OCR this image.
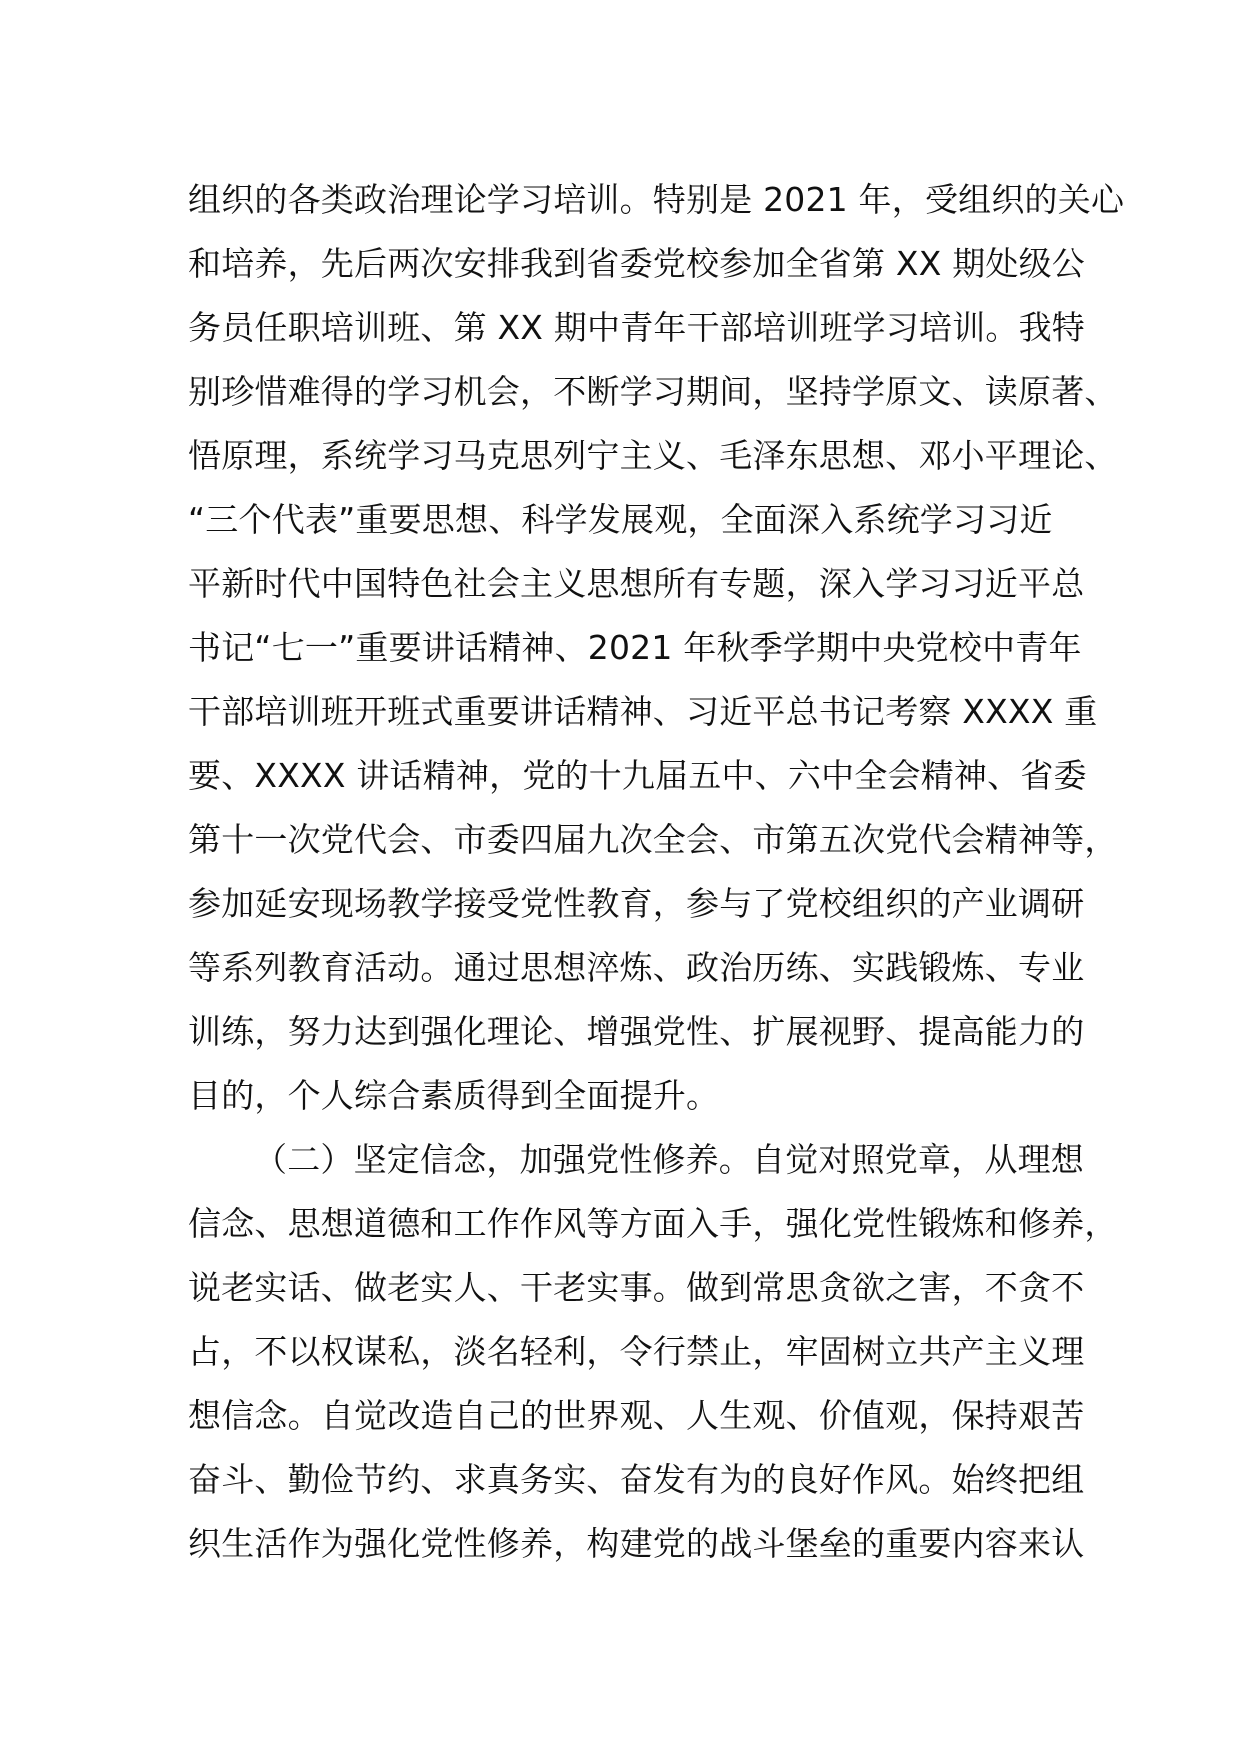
组织的各类政治理论学习培训。特别是 2021 年，受组织的关心
和培养，先后两次安排我到省委党校参加全省第 XX 期处级公
务员任职培训班、第 XX 期中青年干部培训班学习培训。我特
别珍惜难得的学习机会，不断学习期间，坚持学原文、读原著、
悟原理，系统学习马克思列宁主义、毛泽东思想、邓小平理论、
“三个代表”重要思想、科学发展观，全面深入系统学习习近
平新时代中国特色社会主义思想所有专题，深入学习习近平总
书记“七一”重要讲话精神、2021 年秋季学期中央党校中青年
干部培训班开班式重要讲话精神、习近平总书记考察 XXXX 重
要、XXXX 讲话精神，党的十九届五中、六中全会精神、省委
第十一次党代会、市委四届九次全会、市第五次党代会精神等，
参加延安现场教学接受党性教育，参与了党校组织的产业调研
等系列教育活动。通过思想淬炼、政治历练、实践锻炼、专业
训练，努力达到强化理论、增强党性、扩展视野、提高能力的
目的，个人综合素质得到全面提升。
（二）坚定信念，加强党性修养。自觉对照党章，从理想
信念、思想道德和工作作风等方面入手，强化党性锻炼和修养，
说老实话、做老实人、干老实事。做到常思贪欲之害，不贪不
占，不以权谋私，淡名轻利，令行禁止，牢固树立共产主义理
想信念。自觉改造自己的世界观、人生观、价值观，保持艰苦
奋斗、勤俭节约、求真务实、奋发有为的良好作风。始终把组
织生活作为强化党性修养，构建党的战斗堡垒的重要内容来认
